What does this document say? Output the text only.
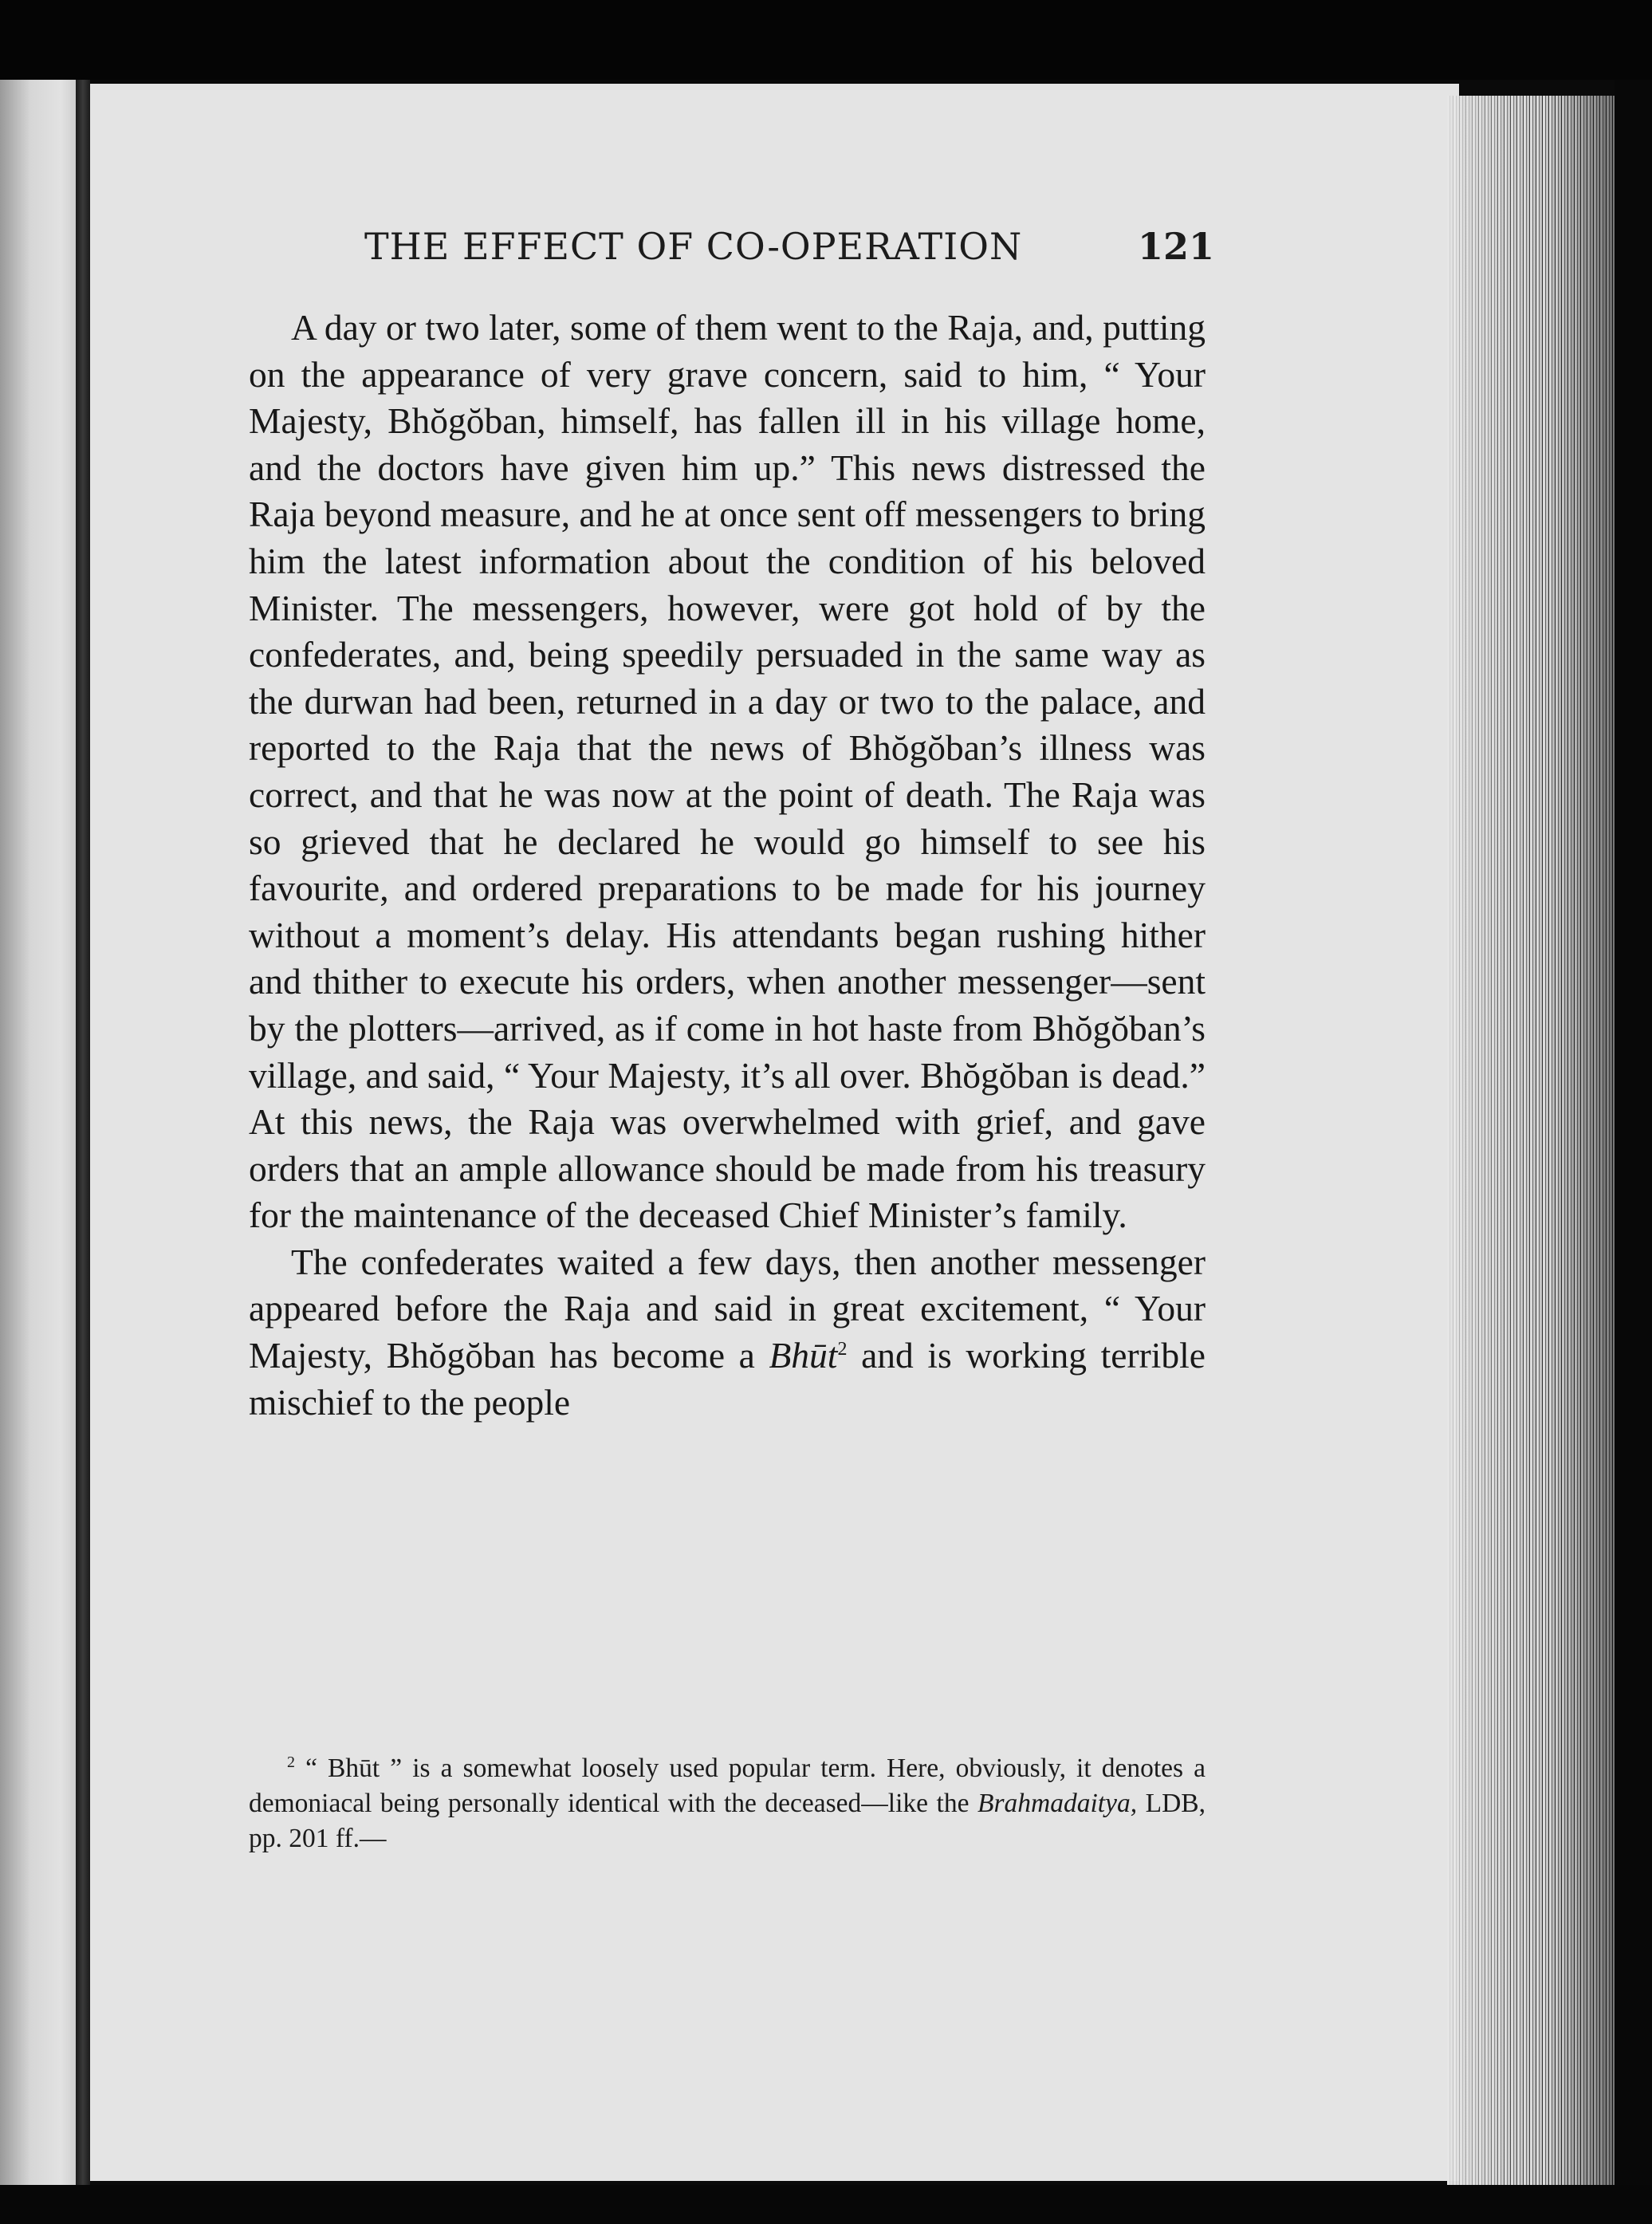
THE EFFECT OF CO-OPERATION	121

A day or two later, some of them went to the Raja, and, putting on the appearance of very grave concern, said to him, “ Your Majesty, Bhŏgŏban, himself, has fallen ill in his village home, and the doctors have given him up.” This news distressed the Raja beyond measure, and he at once sent off messengers to bring him the latest information about the condition of his beloved Minister. The messengers, however, were got hold of by the confederates, and, being speedily persuaded in the same way as the durwan had been, returned in a day or two to the palace, and reported to the Raja that the news of Bhŏgŏban’s illness was correct, and that he was now at the point of death. The Raja was so grieved that he declared he would go himself to see his favourite, and ordered preparations to be made for his journey without a moment’s delay. His attendants began rushing hither and thither to execute his orders, when another messenger—sent by the plotters—arrived, as if come in hot haste from Bhŏgŏban’s village, and said, “ Your Majesty, it’s all over. Bhŏgŏban is dead.” At this news, the Raja was overwhelmed with grief, and gave orders that an ample allowance should be made from his treasury for the maintenance of the deceased Chief Minister’s family.

The confederates waited a few days, then another messenger appeared before the Raja and said in great excitement, “ Your Majesty, Bhŏgŏban has become a Bhūt$^2$ and is working terrible mischief to the people

$^2$ “ Bhūt ” is a somewhat loosely used popular term. Here, obviously, it denotes a demoniacal being personally identical with the deceased—like the Brahmadaitya, LDB, pp. 201 ff.—
